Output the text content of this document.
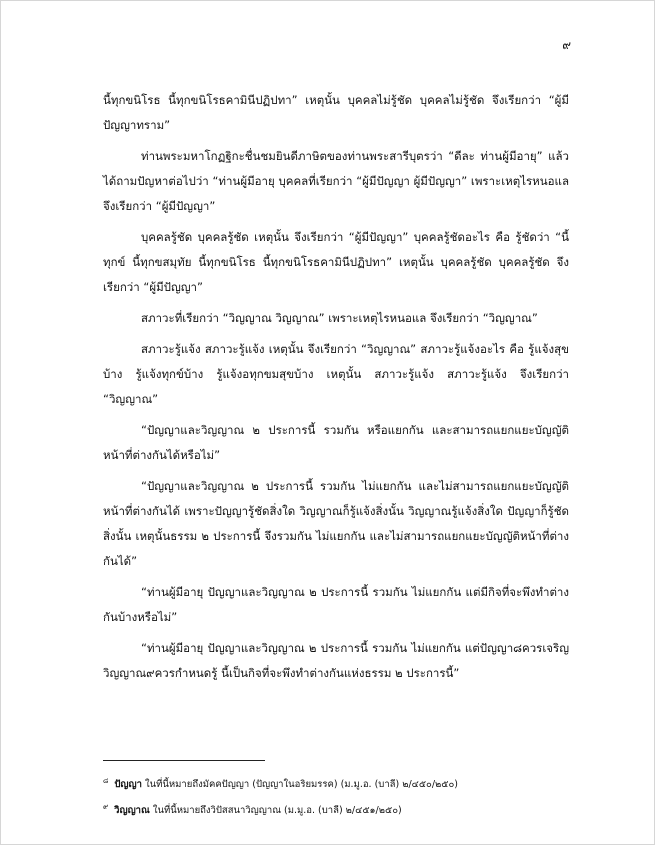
๙

นี้ทุกขนิโรธ นี้ทุกขนิโรธคามินีปฏิปทา” เหตุนั้น บุคคลไม่รู้ชัด บุคคลไม่รู้ชัด จึงเรียกว่า “ผู้มีปัญญาทราม”

ท่านพระมหาโกฏฐิกะชื่นชมยินดีภาษิตของท่านพระสารีบุตรว่า “ดีละ ท่านผู้มีอายุ” แล้วได้ถามปัญหาต่อไปว่า “ท่านผู้มีอายุ บุคคลที่เรียกว่า “ผู้มีปัญญา ผู้มีปัญญา” เพราะเหตุไรหนอแลจึงเรียกว่า “ผู้มีปัญญา”

บุคคลรู้ชัด บุคคลรู้ชัด เหตุนั้น จึงเรียกว่า “ผู้มีปัญญา” บุคคลรู้ชัดอะไร คือ รู้ชัดว่า “นี้ทุกข์ นี้ทุกขสมุทัย นี้ทุกขนิโรธ นี้ทุกขนิโรธคามินีปฏิปทา” เหตุนั้น บุคคลรู้ชัด บุคคลรู้ชัด จึงเรียกว่า “ผู้มีปัญญา”

สภาวะที่เรียกว่า “วิญญาณ วิญญาณ” เพราะเหตุไรหนอแล จึงเรียกว่า “วิญญาณ”

สภาวะรู้แจ้ง สภาวะรู้แจ้ง เหตุนั้น จึงเรียกว่า “วิญญาณ” สภาวะรู้แจ้งอะไร คือ รู้แจ้งสุขบ้าง รู้แจ้งทุกข์บ้าง รู้แจ้งอทุกขมสุขบ้าง เหตุนั้น สภาวะรู้แจ้ง สภาวะรู้แจ้ง จึงเรียกว่า “วิญญาณ”

“ปัญญาและวิญญาณ ๒ ประการนี้ รวมกัน หรือแยกกัน และสามารถแยกแยะบัญญัติหน้าที่ต่างกันได้หรือไม่”

“ปัญญาและวิญญาณ ๒ ประการนี้ รวมกัน ไม่แยกกัน และไม่สามารถแยกแยะบัญญัติหน้าที่ต่างกันได้ เพราะปัญญารู้ชัดสิ่งใด วิญญาณก็รู้แจ้งสิ่งนั้น วิญญาณรู้แจ้งสิ่งใด ปัญญาก็รู้ชัดสิ่งนั้น เหตุนั้นธรรม ๒ ประการนี้ จึงรวมกัน ไม่แยกกัน และไม่สามารถแยกแยะบัญญัติหน้าที่ต่างกันได้”

“ท่านผู้มีอายุ ปัญญาและวิญญาณ ๒ ประการนี้ รวมกัน ไม่แยกกัน แต่มีกิจที่จะพึงทำต่างกันบ้างหรือไม่”

“ท่านผู้มีอายุ ปัญญาและวิญญาณ ๒ ประการนี้ รวมกัน ไม่แยกกัน แต่ปัญญา๘ควรเจริญ วิญญาณ๙ควรกำหนดรู้ นี้เป็นกิจที่จะพึงทำต่างกันแห่งธรรม ๒ ประการนี้”

$^๘$ ปัญญา ในที่นี้หมายถึงมัคคปัญญา (ปัญญาในอริยมรรค) (ม.มู.อ. (บาลี) ๒/๔๕๐/๒๕๐)

$^๙$ วิญญาณ ในที่นี้หมายถึงวิปัสสนาวิญญาณ (ม.มู.อ. (บาลี) ๒/๔๕๑/๒๕๐)
